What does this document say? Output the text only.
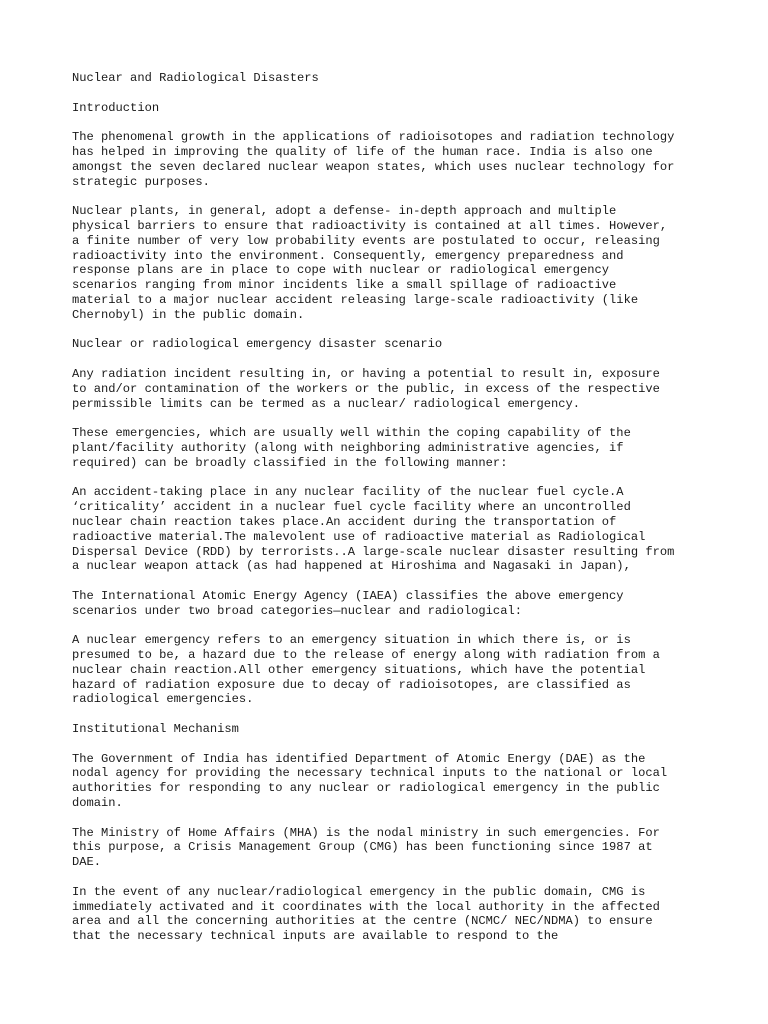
Nuclear and Radiological Disasters

Introduction

The phenomenal growth in the applications of radioisotopes and radiation technology
has helped in improving the quality of life of the human race. India is also one
amongst the seven declared nuclear weapon states, which uses nuclear technology for
strategic purposes.

Nuclear plants, in general, adopt a defense- in-depth approach and multiple
physical barriers to ensure that radioactivity is contained at all times. However,
a finite number of very low probability events are postulated to occur, releasing
radioactivity into the environment. Consequently, emergency preparedness and
response plans are in place to cope with nuclear or radiological emergency
scenarios ranging from minor incidents like a small spillage of radioactive
material to a major nuclear accident releasing large-scale radioactivity (like
Chernobyl) in the public domain.

Nuclear or radiological emergency disaster scenario

Any radiation incident resulting in, or having a potential to result in, exposure
to and/or contamination of the workers or the public, in excess of the respective
permissible limits can be termed as a nuclear/ radiological emergency.

These emergencies, which are usually well within the coping capability of the
plant/facility authority (along with neighboring administrative agencies, if
required) can be broadly classified in the following manner:

An accident-taking place in any nuclear facility of the nuclear fuel cycle.A
‘criticality’ accident in a nuclear fuel cycle facility where an uncontrolled
nuclear chain reaction takes place.An accident during the transportation of
radioactive material.The malevolent use of radioactive material as Radiological
Dispersal Device (RDD) by terrorists..A large-scale nuclear disaster resulting from
a nuclear weapon attack (as had happened at Hiroshima and Nagasaki in Japan),

The International Atomic Energy Agency (IAEA) classifies the above emergency
scenarios under two broad categories—nuclear and radiological:

A nuclear emergency refers to an emergency situation in which there is, or is
presumed to be, a hazard due to the release of energy along with radiation from a
nuclear chain reaction.All other emergency situations, which have the potential
hazard of radiation exposure due to decay of radioisotopes, are classified as
radiological emergencies.

Institutional Mechanism

The Government of India has identified Department of Atomic Energy (DAE) as the
nodal agency for providing the necessary technical inputs to the national or local
authorities for responding to any nuclear or radiological emergency in the public
domain.

The Ministry of Home Affairs (MHA) is the nodal ministry in such emergencies. For
this purpose, a Crisis Management Group (CMG) has been functioning since 1987 at
DAE.

In the event of any nuclear/radiological emergency in the public domain, CMG is
immediately activated and it coordinates with the local authority in the affected
area and all the concerning authorities at the centre (NCMC/ NEC/NDMA) to ensure
that the necessary technical inputs are available to respond to the
